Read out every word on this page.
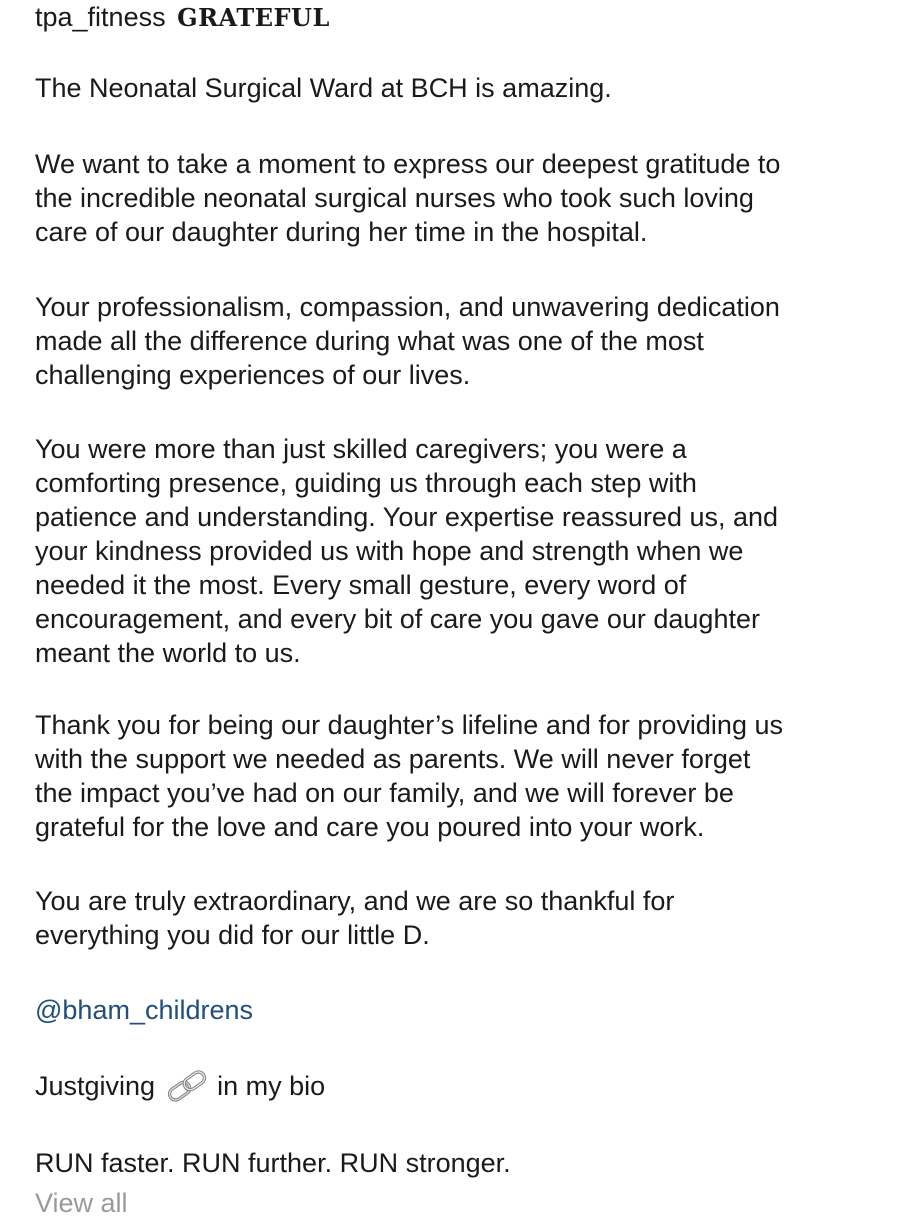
tpa_fitness GRATEFUL

The Neonatal Surgical Ward at BCH is amazing.

We want to take a moment to express our deepest gratitude to
the incredible neonatal surgical nurses who took such loving
care of our daughter during her time in the hospital.

Your professionalism, compassion, and unwavering dedication
made all the difference during what was one of the most
challenging experiences of our lives.

You were more than just skilled caregivers; you were a
comforting presence, guiding us through each step with
patience and understanding. Your expertise reassured us, and
your kindness provided us with hope and strength when we
needed it the most. Every small gesture, every word of
encouragement, and every bit of care you gave our daughter
meant the world to us.

Thank you for being our daughter’s lifeline and for providing us
with the support we needed as parents. We will never forget
the impact you’ve had on our family, and we will forever be
grateful for the love and care you poured into your work.

You are truly extraordinary, and we are so thankful for
everything you did for our little D.

@bham_childrens

Justgiving in my bio

RUN faster. RUN further. RUN stronger.

View all
